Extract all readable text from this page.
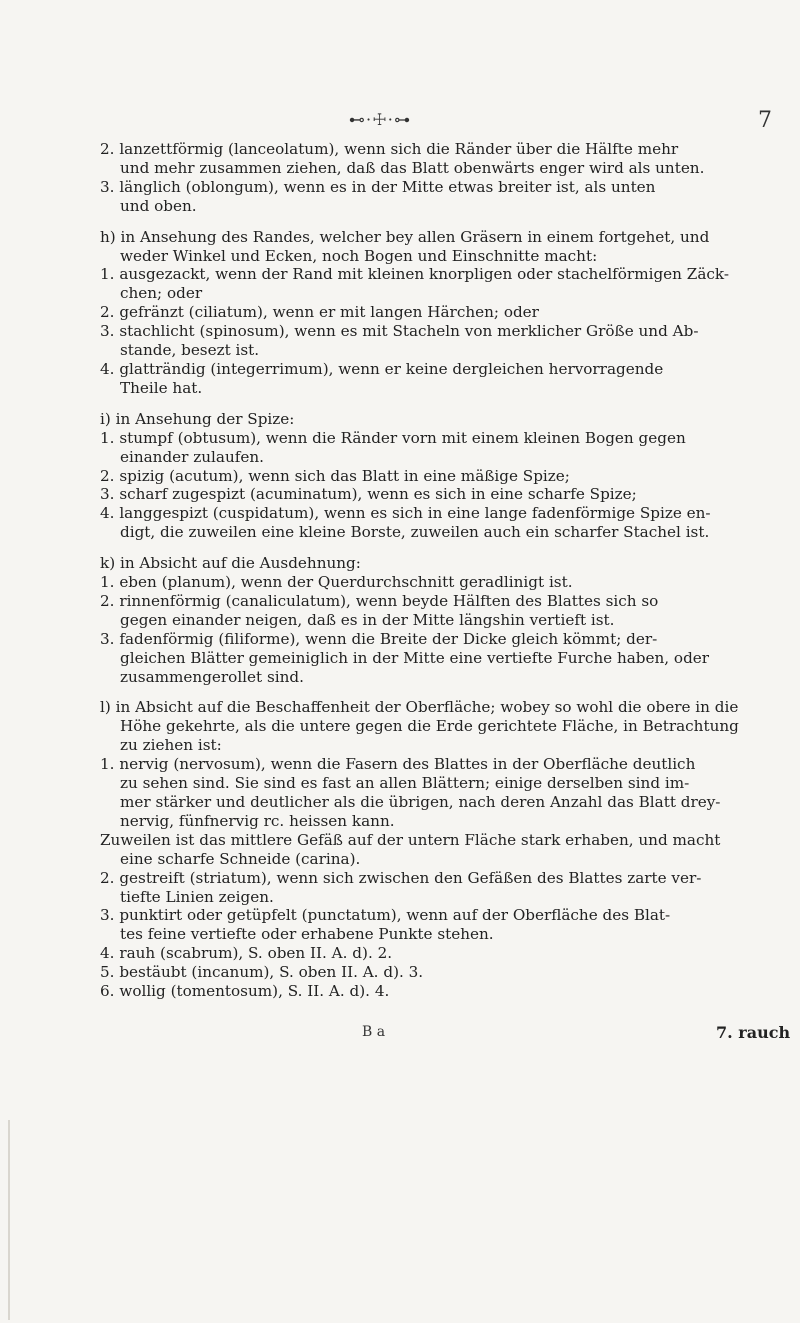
⊷⋅☩⋅⊶	7

2. lanzettförmig (lanceolatum), wenn sich die Ränder über die Hälfte mehr

und mehr zusammen ziehen, daß das Blatt obenwärts enger wird als unten.

3. länglich (oblongum), wenn es in der Mitte etwas breiter ist, als unten

und oben.

h) in Ansehung des Randes, welcher bey allen Gräsern in einem fortgehet, und

weder Winkel und Ecken, noch Bogen und Einschnitte macht:

1. ausgezackt, wenn der Rand mit kleinen knorpligen oder stachelförmigen Zäck-

chen; oder

2. gefränzt (ciliatum), wenn er mit langen Härchen; oder

3. stachlicht (spinosum), wenn es mit Stacheln von merklicher Größe und Ab-

stande, besezt ist.

4. glatträndig (integerrimum), wenn er keine dergleichen hervorragende

Theile hat.

i) in Ansehung der Spize:

1. stumpf (obtusum), wenn die Ränder vorn mit einem kleinen Bogen gegen

einander zulaufen.

2. spizig (acutum), wenn sich das Blatt in eine mäßige Spize;

3. scharf zugespizt (acuminatum), wenn es sich in eine scharfe Spize;

4. langgespizt (cuspidatum), wenn es sich in eine lange fadenförmige Spize en-

digt, die zuweilen eine kleine Borste, zuweilen auch ein scharfer Stachel ist.

k) in Absicht auf die Ausdehnung:

1. eben (planum), wenn der Querdurchschnitt geradlinigt ist.

2. rinnenförmig (canaliculatum), wenn beyde Hälften des Blattes sich so

gegen einander neigen, daß es in der Mitte längshin vertieft ist.

3. fadenförmig (filiforme), wenn die Breite der Dicke gleich kömmt; der-

gleichen Blätter gemeiniglich in der Mitte eine vertiefte Furche haben, oder

zusammengerollet sind.

l) in Absicht auf die Beschaffenheit der Oberfläche; wobey so wohl die obere in die

Höhe gekehrte, als die untere gegen die Erde gerichtete Fläche, in Betrachtung

zu ziehen ist:

1. nervig (nervosum), wenn die Fasern des Blattes in der Oberfläche deutlich

zu sehen sind. Sie sind es fast an allen Blättern; einige derselben sind im-

mer stärker und deutlicher als die übrigen, nach deren Anzahl das Blatt drey-

nervig, fünfnervig rc. heissen kann.

Zuweilen ist das mittlere Gefäß auf der untern Fläche stark erhaben, und macht

eine scharfe Schneide (carina).

2. gestreift (striatum), wenn sich zwischen den Gefäßen des Blattes zarte ver-

tiefte Linien zeigen.

3. punktirt oder getüpfelt (punctatum), wenn auf der Oberfläche des Blat-

tes feine vertiefte oder erhabene Punkte stehen.

4. rauh (scabrum), S. oben II. A. d). 2.

5. bestäubt (incanum), S. oben II. A. d). 3.

6. wollig (tomentosum), S. II. A. d). 4.

B a	7. rauch
